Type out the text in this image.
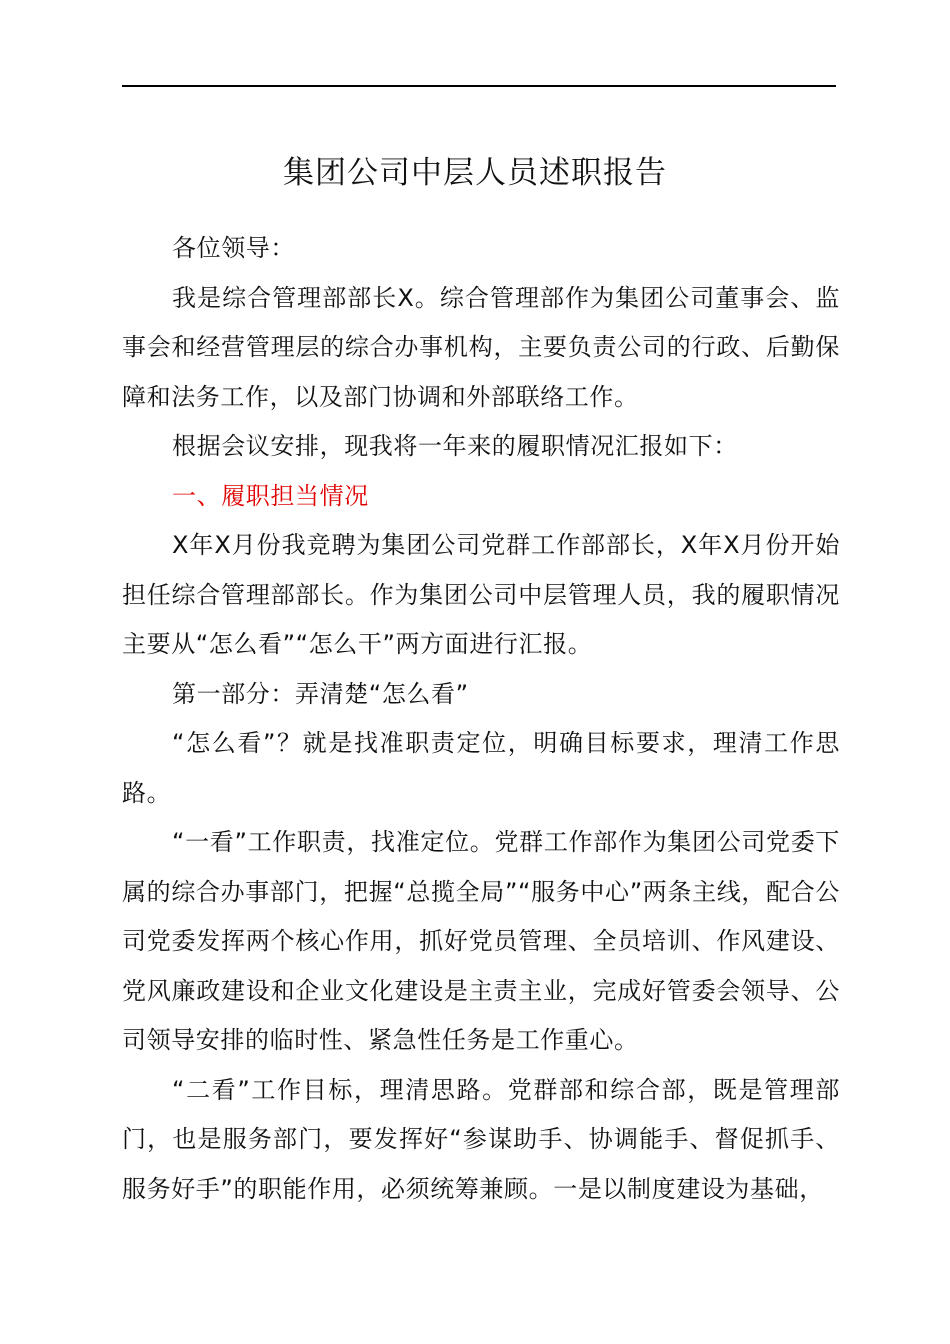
集团公司中层人员述职报告

各位领导：

我是综合管理部部长X。综合管理部作为集团公司董事会、监事会和经营管理层的综合办事机构，主要负责公司的行政、后勤保障和法务工作，以及部门协调和外部联络工作。

根据会议安排，现我将一年来的履职情况汇报如下：

一、履职担当情况

X年X月份我竞聘为集团公司党群工作部部长，X年X月份开始担任综合管理部部长。作为集团公司中层管理人员，我的履职情况主要从“怎么看”“怎么干”两方面进行汇报。

第一部分：弄清楚“怎么看”

“怎么看”？就是找准职责定位，明确目标要求，理清工作思路。

“一看”工作职责，找准定位。党群工作部作为集团公司党委下属的综合办事部门，把握“总揽全局”“服务中心”两条主线，配合公司党委发挥两个核心作用，抓好党员管理、全员培训、作风建设、党风廉政建设和企业文化建设是主责主业，完成好管委会领导、公司领导安排的临时性、紧急性任务是工作重心。

“二看”工作目标，理清思路。党群部和综合部，既是管理部门，也是服务部门，要发挥好“参谋助手、协调能手、督促抓手、服务好手”的职能作用，必须统筹兼顾。一是以制度建设为基础，
